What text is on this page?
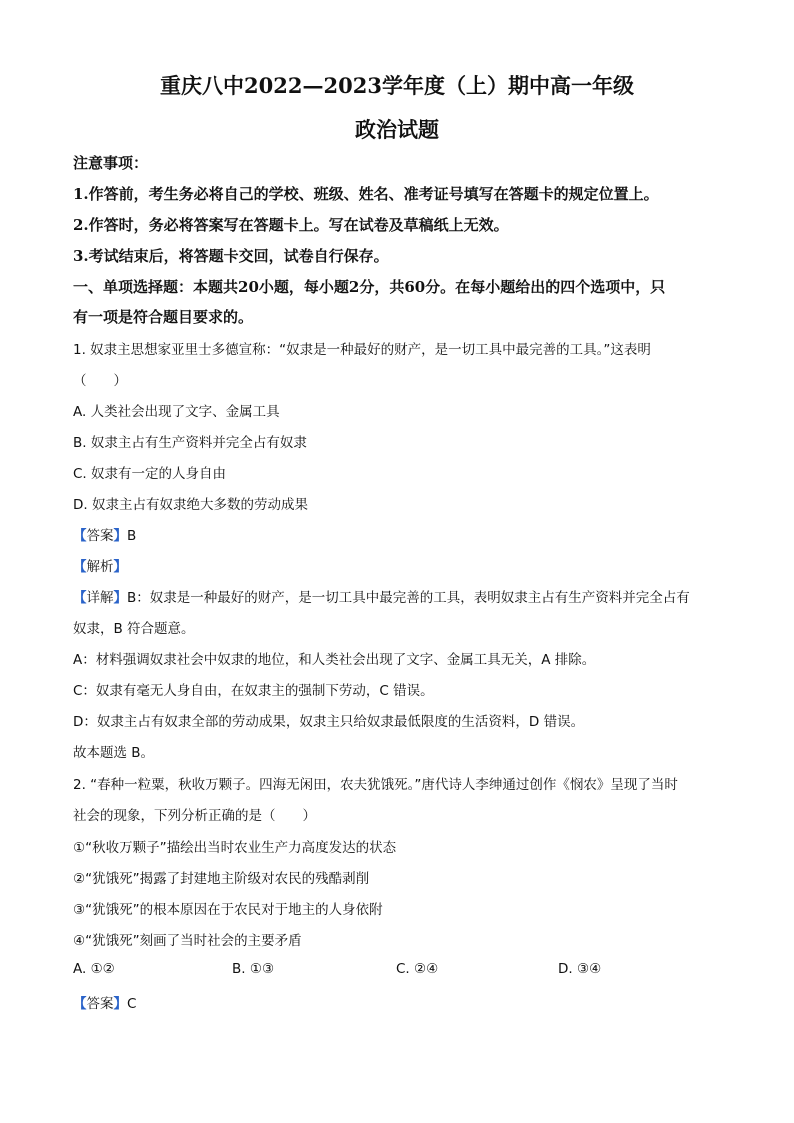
重庆八中2022—2023学年度（上）期中高一年级
政治试题
注意事项：
1.作答前，考生务必将自己的学校、班级、姓名、准考证号填写在答题卡的规定位置上。
2.作答时，务必将答案写在答题卡上。写在试卷及草稿纸上无效。
3.考试结束后，将答题卡交回，试卷自行保存。
一、单项选择题：本题共20小题，每小题2分，共60分。在每小题给出的四个选项中，只
有一项是符合题目要求的。
1. 奴隶主思想家亚里士多德宣称：“奴隶是一种最好的财产，是一切工具中最完善的工具。”这表明
（　　）
A. 人类社会出现了文字、金属工具
B. 奴隶主占有生产资料并完全占有奴隶
C. 奴隶有一定的人身自由
D. 奴隶主占有奴隶绝大多数的劳动成果
【答案】B
【解析】
【详解】B：奴隶是一种最好的财产，是一切工具中最完善的工具，表明奴隶主占有生产资料并完全占有
奴隶，B 符合题意。
A：材料强调奴隶社会中奴隶的地位，和人类社会出现了文字、金属工具无关，A 排除。
C：奴隶有毫无人身自由，在奴隶主的强制下劳动，C 错误。
D：奴隶主占有奴隶全部的劳动成果，奴隶主只给奴隶最低限度的生活资料，D 错误。
故本题选 B。
2. “春种一粒粟，秋收万颗子。四海无闲田，农夫犹饿死。”唐代诗人李绅通过创作《悯农》呈现了当时
社会的现象，下列分析正确的是（　　）
①“秋收万颗子”描绘出当时农业生产力高度发达的状态
②“犹饿死”揭露了封建地主阶级对农民的残酷剥削
③“犹饿死”的根本原因在于农民对于地主的人身依附
④“犹饿死”刻画了当时社会的主要矛盾
A. ①②	B. ①③	C. ②④	D. ③④
【答案】C
